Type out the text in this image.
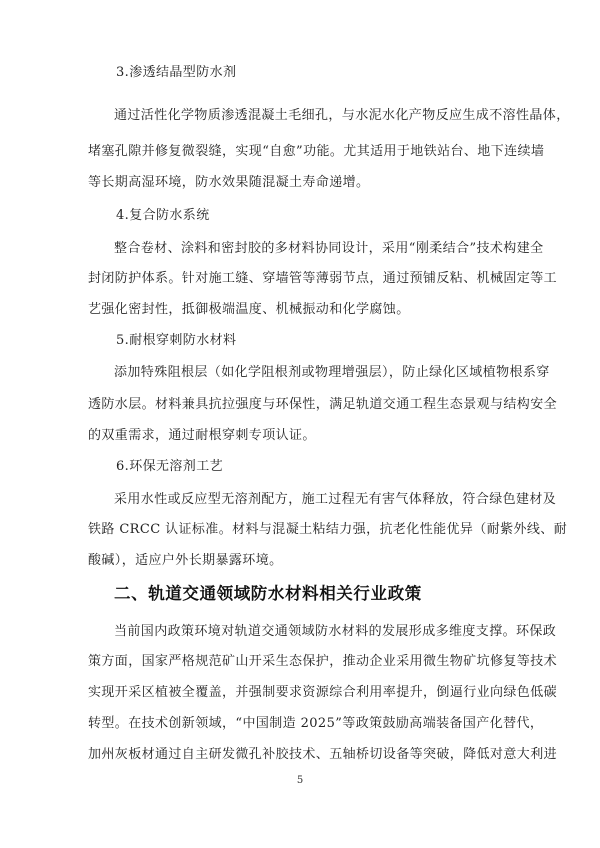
3.渗透结晶型防水剂
通过活性化学物质渗透混凝土毛细孔，与水泥水化产物反应生成不溶性晶体，
堵塞孔隙并修复微裂缝，实现“自愈”功能。尤其适用于地铁站台、地下连续墙
等长期高湿环境，防水效果随混凝土寿命递增。
4.复合防水系统
整合卷材、涂料和密封胶的多材料协同设计，采用“刚柔结合”技术构建全
封闭防护体系。针对施工缝、穿墙管等薄弱节点，通过预铺反粘、机械固定等工
艺强化密封性，抵御极端温度、机械振动和化学腐蚀。
5.耐根穿刺防水材料
添加特殊阻根层（如化学阻根剂或物理增强层），防止绿化区域植物根系穿
透防水层。材料兼具抗拉强度与环保性，满足轨道交通工程生态景观与结构安全
的双重需求，通过耐根穿刺专项认证。
6.环保无溶剂工艺
采用水性或反应型无溶剂配方，施工过程无有害气体释放，符合绿色建材及
铁路 CRCC 认证标准。材料与混凝土粘结力强，抗老化性能优异（耐紫外线、耐
酸碱），适应户外长期暴露环境。
二、轨道交通领域防水材料相关行业政策
当前国内政策环境对轨道交通领域防水材料的发展形成多维度支撑。环保政
策方面，国家严格规范矿山开采生态保护，推动企业采用微生物矿坑修复等技术
实现开采区植被全覆盖，并强制要求资源综合利用率提升，倒逼行业向绿色低碳
转型。在技术创新领域，“中国制造 2025”等政策鼓励高端装备国产化替代，
加州灰板材通过自主研发微孔补胶技术、五轴桥切设备等突破，降低对意大利进
5
